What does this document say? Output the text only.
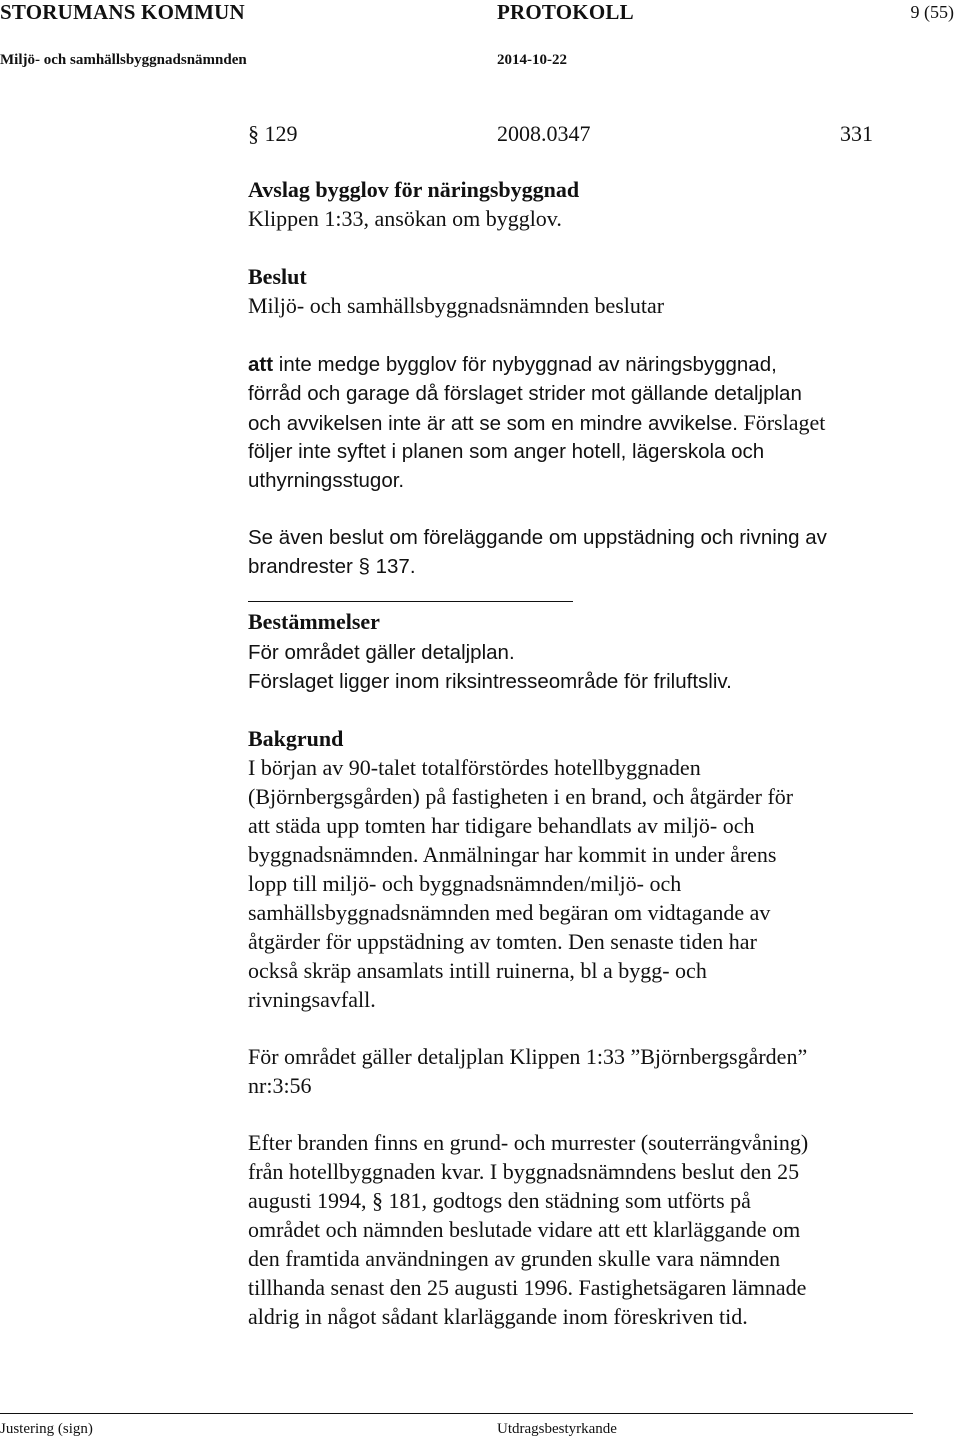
STORUMANS KOMMUN	PROTOKOLL	9 (55)
Miljö- och samhällsbyggnadsnämnden	2014-10-22
§ 129	2008.0347	331
Avslag bygglov för näringsbyggnad
Klippen 1:33, ansökan om bygglov.
Beslut
Miljö- och samhällsbyggnadsnämnden beslutar
att inte medge bygglov för nybyggnad av näringsbyggnad,
förråd och garage då förslaget strider mot gällande detaljplan
och avvikelsen inte är att se som en mindre avvikelse. Förslaget
följer inte syftet i planen som anger hotell, lägerskola och
uthyrningsstugor.
Se även beslut om föreläggande om uppstädning och rivning av
brandrester § 137.
Bestämmelser
För området gäller detaljplan.
Förslaget ligger inom riksintresseområde för friluftsliv.
Bakgrund
I början av 90-talet totalförstördes hotellbyggnaden
(Björnbergsgården) på fastigheten i en brand, och åtgärder för
att städa upp tomten har tidigare behandlats av miljö- och
byggnadsnämnden. Anmälningar har kommit in under årens
lopp till miljö- och byggnadsnämnden/miljö- och
samhällsbyggnadsnämnden med begäran om vidtagande av
åtgärder för uppstädning av tomten. Den senaste tiden har
också skräp ansamlats intill ruinerna, bl a bygg- och
rivningsavfall.
För området gäller detaljplan Klippen 1:33 ”Björnbergsgården”
nr:3:56
Efter branden finns en grund- och murrester (souterrängvåning)
från hotellbyggnaden kvar. I byggnadsnämndens beslut den 25
augusti 1994, § 181, godtogs den städning som utförts på
området och nämnden beslutade vidare att ett klarläggande om
den framtida användningen av grunden skulle vara nämnden
tillhanda senast den 25 augusti 1996. Fastighetsägaren lämnade
aldrig in något sådant klarläggande inom föreskriven tid.
Justering (sign)	Utdragsbestyrkande
